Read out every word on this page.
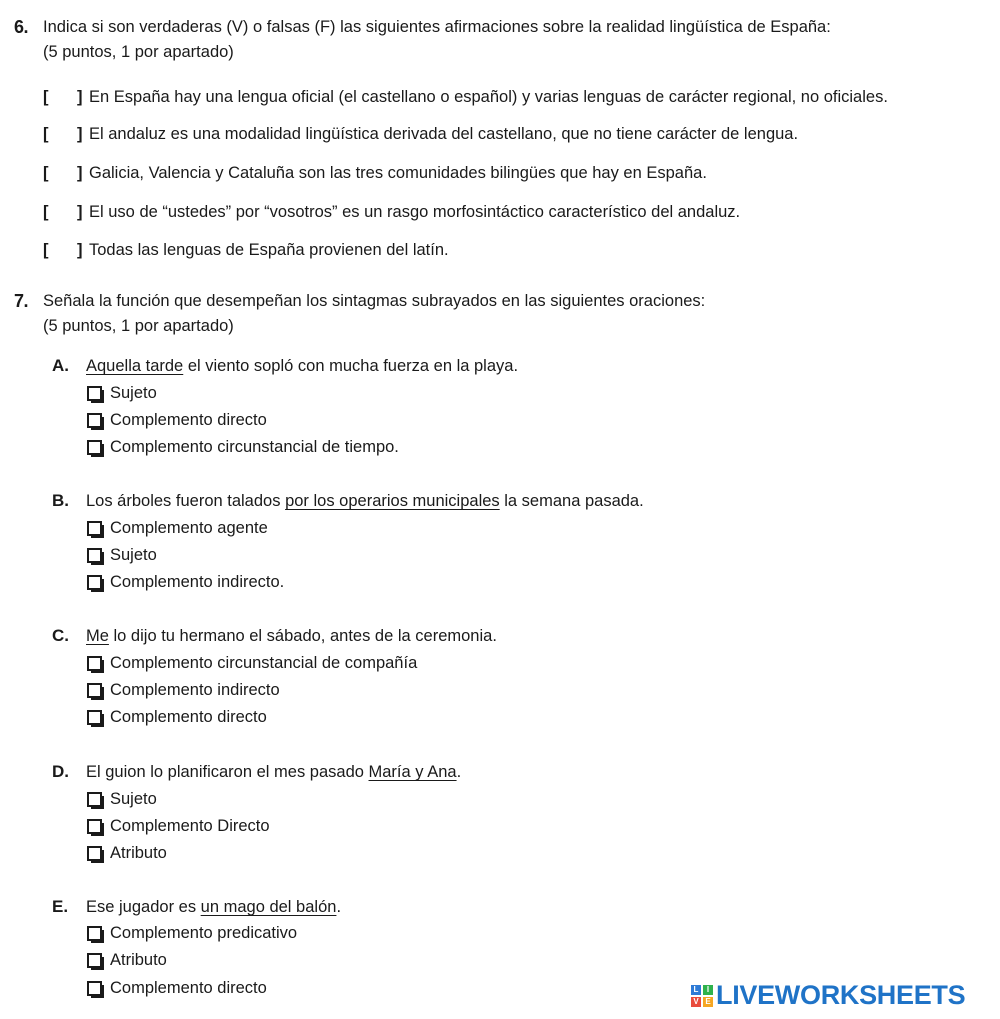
6. Indica si son verdaderas (V) o falsas (F) las siguientes afirmaciones sobre la realidad lingüística de España:
(5 puntos, 1 por apartado)
[ ] En España hay una lengua oficial (el castellano o español) y varias lenguas de carácter regional, no oficiales.
[ ] El andaluz es una modalidad lingüística derivada del castellano, que no tiene carácter de lengua.
[ ] Galicia, Valencia y Cataluña son las tres comunidades bilingües que hay en España.
[ ] El uso de “ustedes” por “vosotros” es un rasgo morfosintáctico característico del andaluz.
[ ] Todas las lenguas de España provienen del latín.
7. Señala la función que desempeñan los sintagmas subrayados en las siguientes oraciones:
(5 puntos, 1 por apartado)
A. Aquella tarde el viento sopló con mucha fuerza en la playa.
Sujeto
Complemento directo
Complemento circunstancial de tiempo.
B. Los árboles fueron talados por los operarios municipales la semana pasada.
Complemento agente
Sujeto
Complemento indirecto.
C. Me lo dijo tu hermano el sábado, antes de la ceremonia.
Complemento circunstancial de compañía
Complemento indirecto
Complemento directo
D. El guion lo planificaron el mes pasado María y Ana.
Sujeto
Complemento Directo
Atributo
E. Ese jugador es un mago del balón.
Complemento predicativo
Atributo
Complemento directo	L	I
V E LIVEWORKSHEETS
